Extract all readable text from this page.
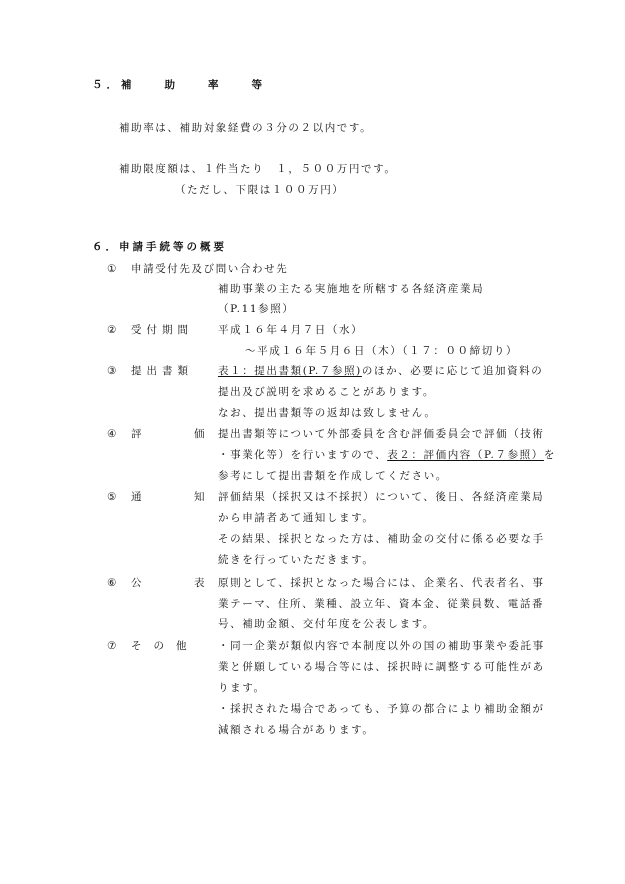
５．補　　助　　率　　等
補助率は、補助対象経費の３分の２以内です。
補助限度額は、１件当たり　１，５００万円です。
（ただし、下限は１００万円）
６．申請手続等の概要
① 申請受付先及び問い合わせ先
補助事業の主たる実施地を所轄する各経済産業局
（P.11参照）
② 受付期間 平成１６年４月７日（水）
～平成１６年５月６日（木）（１７：００締切り）
③ 提出書類 表１：提出書類(P.７参照)のほか、必要に応じて追加資料の
提出及び説明を求めることがあります。
なお、提出書類等の返却は致しません。
④ 評　価
提出書類等について外部委員を含む評価委員会で評価（技術
・事業化等）を行いますので、表２：評価内容（P.７参照）を
参考にして提出書類を作成してください。
⑤ 通　知
評価結果（採択又は不採択）について、後日、各経済産業局
から申請者あて通知します。
その結果、採択となった方は、補助金の交付に係る必要な手
続きを行っていただきます。
⑥ 公　表
原則として、採択となった場合には、企業名、代表者名、事
業テーマ、住所、業種、設立年、資本金、従業員数、電話番
号、補助金額、交付年度を公表します。
⑦ その他 ・同一企業が類似内容で本制度以外の国の補助事業や委託事
業と併願している場合等には、採択時に調整する可能性があ
ります。
・採択された場合であっても、予算の都合により補助金額が
減額される場合があります。
